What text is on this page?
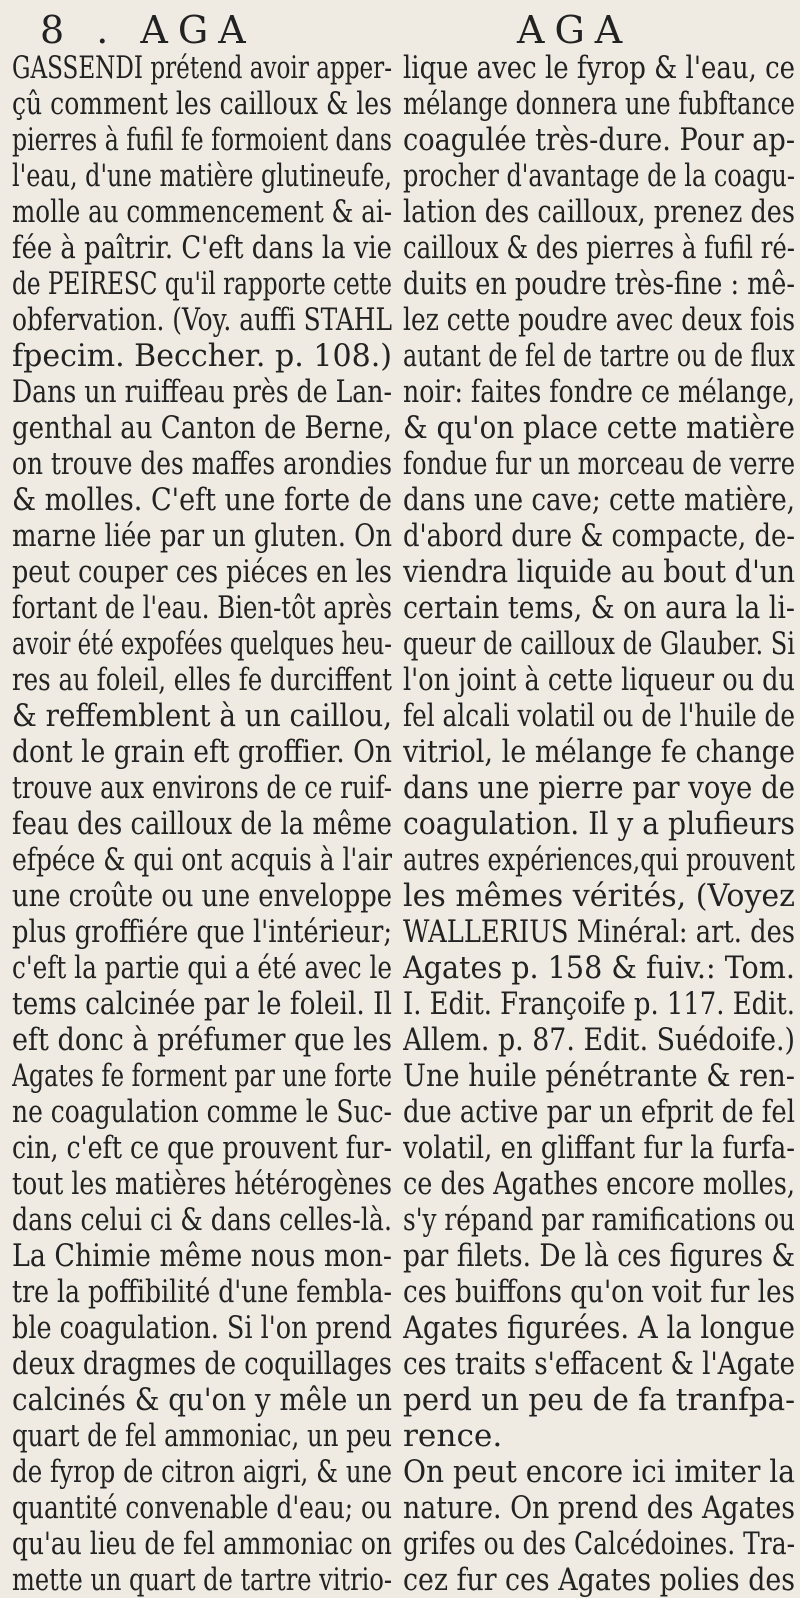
8 . AGA	AGA
GASSENDI prétend avoir apper-
çû comment les cailloux & les
pierres à fufil fe formoient dans
l'eau, d'une matière glutineufe,
molle au commencement & ai-
fée à paîtrir. C'eft dans la vie
de PEIRESC qu'il rapporte cette
obfervation. (Voy. auffi STAHL
fpecim. Beccher. p. 108.)
Dans un ruiffeau près de Lan-
genthal au Canton de Berne,
on trouve des maffes arondies
& molles. C'eft une forte de
marne liée par un gluten. On
peut couper ces piéces en les
fortant de l'eau. Bien-tôt après
avoir été expofées quelques heu-
res au foleil, elles fe durciffent
& reffemblent à un caillou,
dont le grain eft groffier. On
trouve aux environs de ce ruif-
feau des cailloux de la même
efpéce & qui ont acquis à l'air
une croûte ou une enveloppe
plus groffiére que l'intérieur;
c'eft la partie qui a été avec le
tems calcinée par le foleil. Il
eft donc à préfumer que les
Agates fe forment par une forte
ne coagulation comme le Suc-
cin, c'eft ce que prouvent fur-
tout les matières hétérogènes
dans celui ci & dans celles-là.
La Chimie même nous mon-
tre la poffibilité d'une fembla-
ble coagulation. Si l'on prend
deux dragmes de coquillages
calcinés & qu'on y mêle un
quart de fel ammoniac, un peu
de fyrop de citron aigri, & une
quantité convenable d'eau; ou
qu'au lieu de fel ammoniac on
mette un quart de tartre vitrio-
lique avec le fyrop & l'eau, ce
mélange donnera une fubftance
coagulée très-dure. Pour ap-
procher d'avantage de la coagu-
lation des cailloux, prenez des
cailloux & des pierres à fufil ré-
duits en poudre très-fine : mê-
lez cette poudre avec deux fois
autant de fel de tartre ou de flux
noir: faites fondre ce mélange,
& qu'on place cette matière
fondue fur un morceau de verre
dans une cave; cette matière,
d'abord dure & compacte, de-
viendra liquide au bout d'un
certain tems, & on aura la li-
queur de cailloux de Glauber. Si
l'on joint à cette liqueur ou du
fel alcali volatil ou de l'huile de
vitriol, le mélange fe change
dans une pierre par voye de
coagulation. Il y a plufieurs
autres expériences,qui prouvent
les mêmes vérités, (Voyez
WALLERIUS Minéral: art. des
Agates p. 158 & fuiv.: Tom.
I. Edit. Françoife p. 117. Edit.
Allem. p. 87. Edit. Suédoife.)
Une huile pénétrante & ren-
due active par un efprit de fel
volatil, en gliffant fur la furfa-
ce des Agathes encore molles,
s'y répand par ramifications ou
par filets. De là ces figures &
ces buiffons qu'on voit fur les
Agates figurées. A la longue
ces traits s'effacent & l'Agate
perd un peu de fa tranfpa-
rence.
On peut encore ici imiter la
nature. On prend des Agates
grifes ou des Calcédoines. Tra-
cez fur ces Agates polies des
